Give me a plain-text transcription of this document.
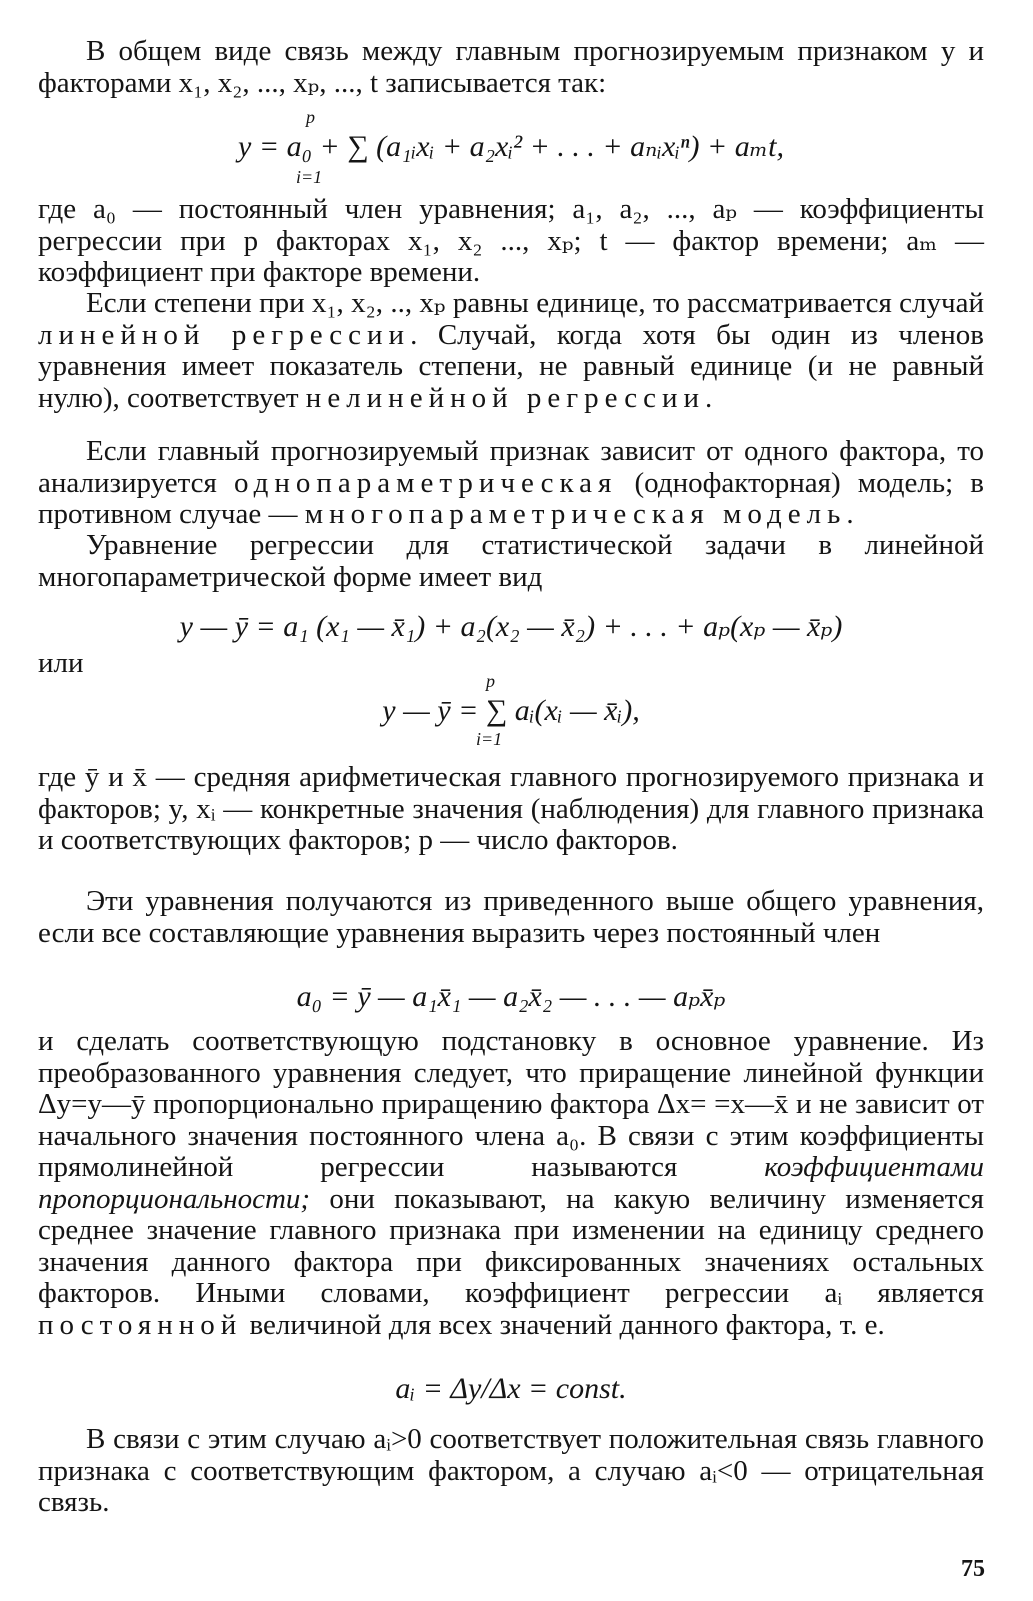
В общем виде связь между главным прогнозируемым признаком y и факторами x₁, x₂, ..., xₚ, ..., t записывается так:

y = a₀ + ∑ (a₁ᵢxᵢ + a₂xᵢ² + . . . + aₙᵢxᵢⁿ) + aₘt,
p
i=1

где a₀ — постоянный член уравнения; a₁, a₂, ..., aₚ — коэффициенты регрессии при p факторах x₁, x₂ ..., xₚ; t — фактор времени; aₘ — коэффициент при факторе времени.

Если степени при x₁, x₂, .., xₚ равны единице, то рассматривается случай линейной регрессии. Случай, когда хотя бы один из членов уравнения имеет показатель степени, не равный единице (и не равный нулю), соответствует нелинейной регрессии.

Если главный прогнозируемый признак зависит от одного фактора, то анализируется однопараметрическая (однофакторная) модель; в противном случае — многопараметрическая модель.

Уравнение регрессии для статистической задачи в линейной многопараметрической форме имеет вид

y — ȳ = a₁ (x₁ — x̄₁) + a₂(x₂ — x̄₂) + . . . + aₚ(xₚ — x̄ₚ)
или
y — ȳ = ∑ aᵢ(xᵢ — x̄ᵢ),
p
i=1

где ȳ и x̄ — средняя арифметическая главного прогнозируемого признака и факторов; y, xᵢ — конкретные значения (наблюдения) для главного признака и соответствующих факторов; p — число факторов.

Эти уравнения получаются из приведенного выше общего уравнения, если все составляющие уравнения выразить через постоянный член

a₀ = ȳ — a₁x̄₁ — a₂x̄₂ — . . . — aₚx̄ₚ

и сделать соответствующую подстановку в основное уравнение. Из преобразованного уравнения следует, что приращение линейной функции Δy=y—ȳ пропорционально приращению фактора Δx= =x—x̄ и не зависит от начального значения постоянного члена a₀. В связи с этим коэффициенты прямолинейной регрессии называются коэффициентами пропорциональности; они показывают, на какую величину изменяется среднее значение главного признака при изменении на единицу среднего значения данного фактора при фиксированных значениях остальных факторов. Иными словами, коэффициент регрессии aᵢ является постоянной величиной для всех значений данного фактора, т. е.

aᵢ = Δy/Δx = const.

В связи с этим случаю aᵢ>0 соответствует положительная связь главного признака с соответствующим фактором, а случаю aᵢ<0 — отрицательная связь.

75
